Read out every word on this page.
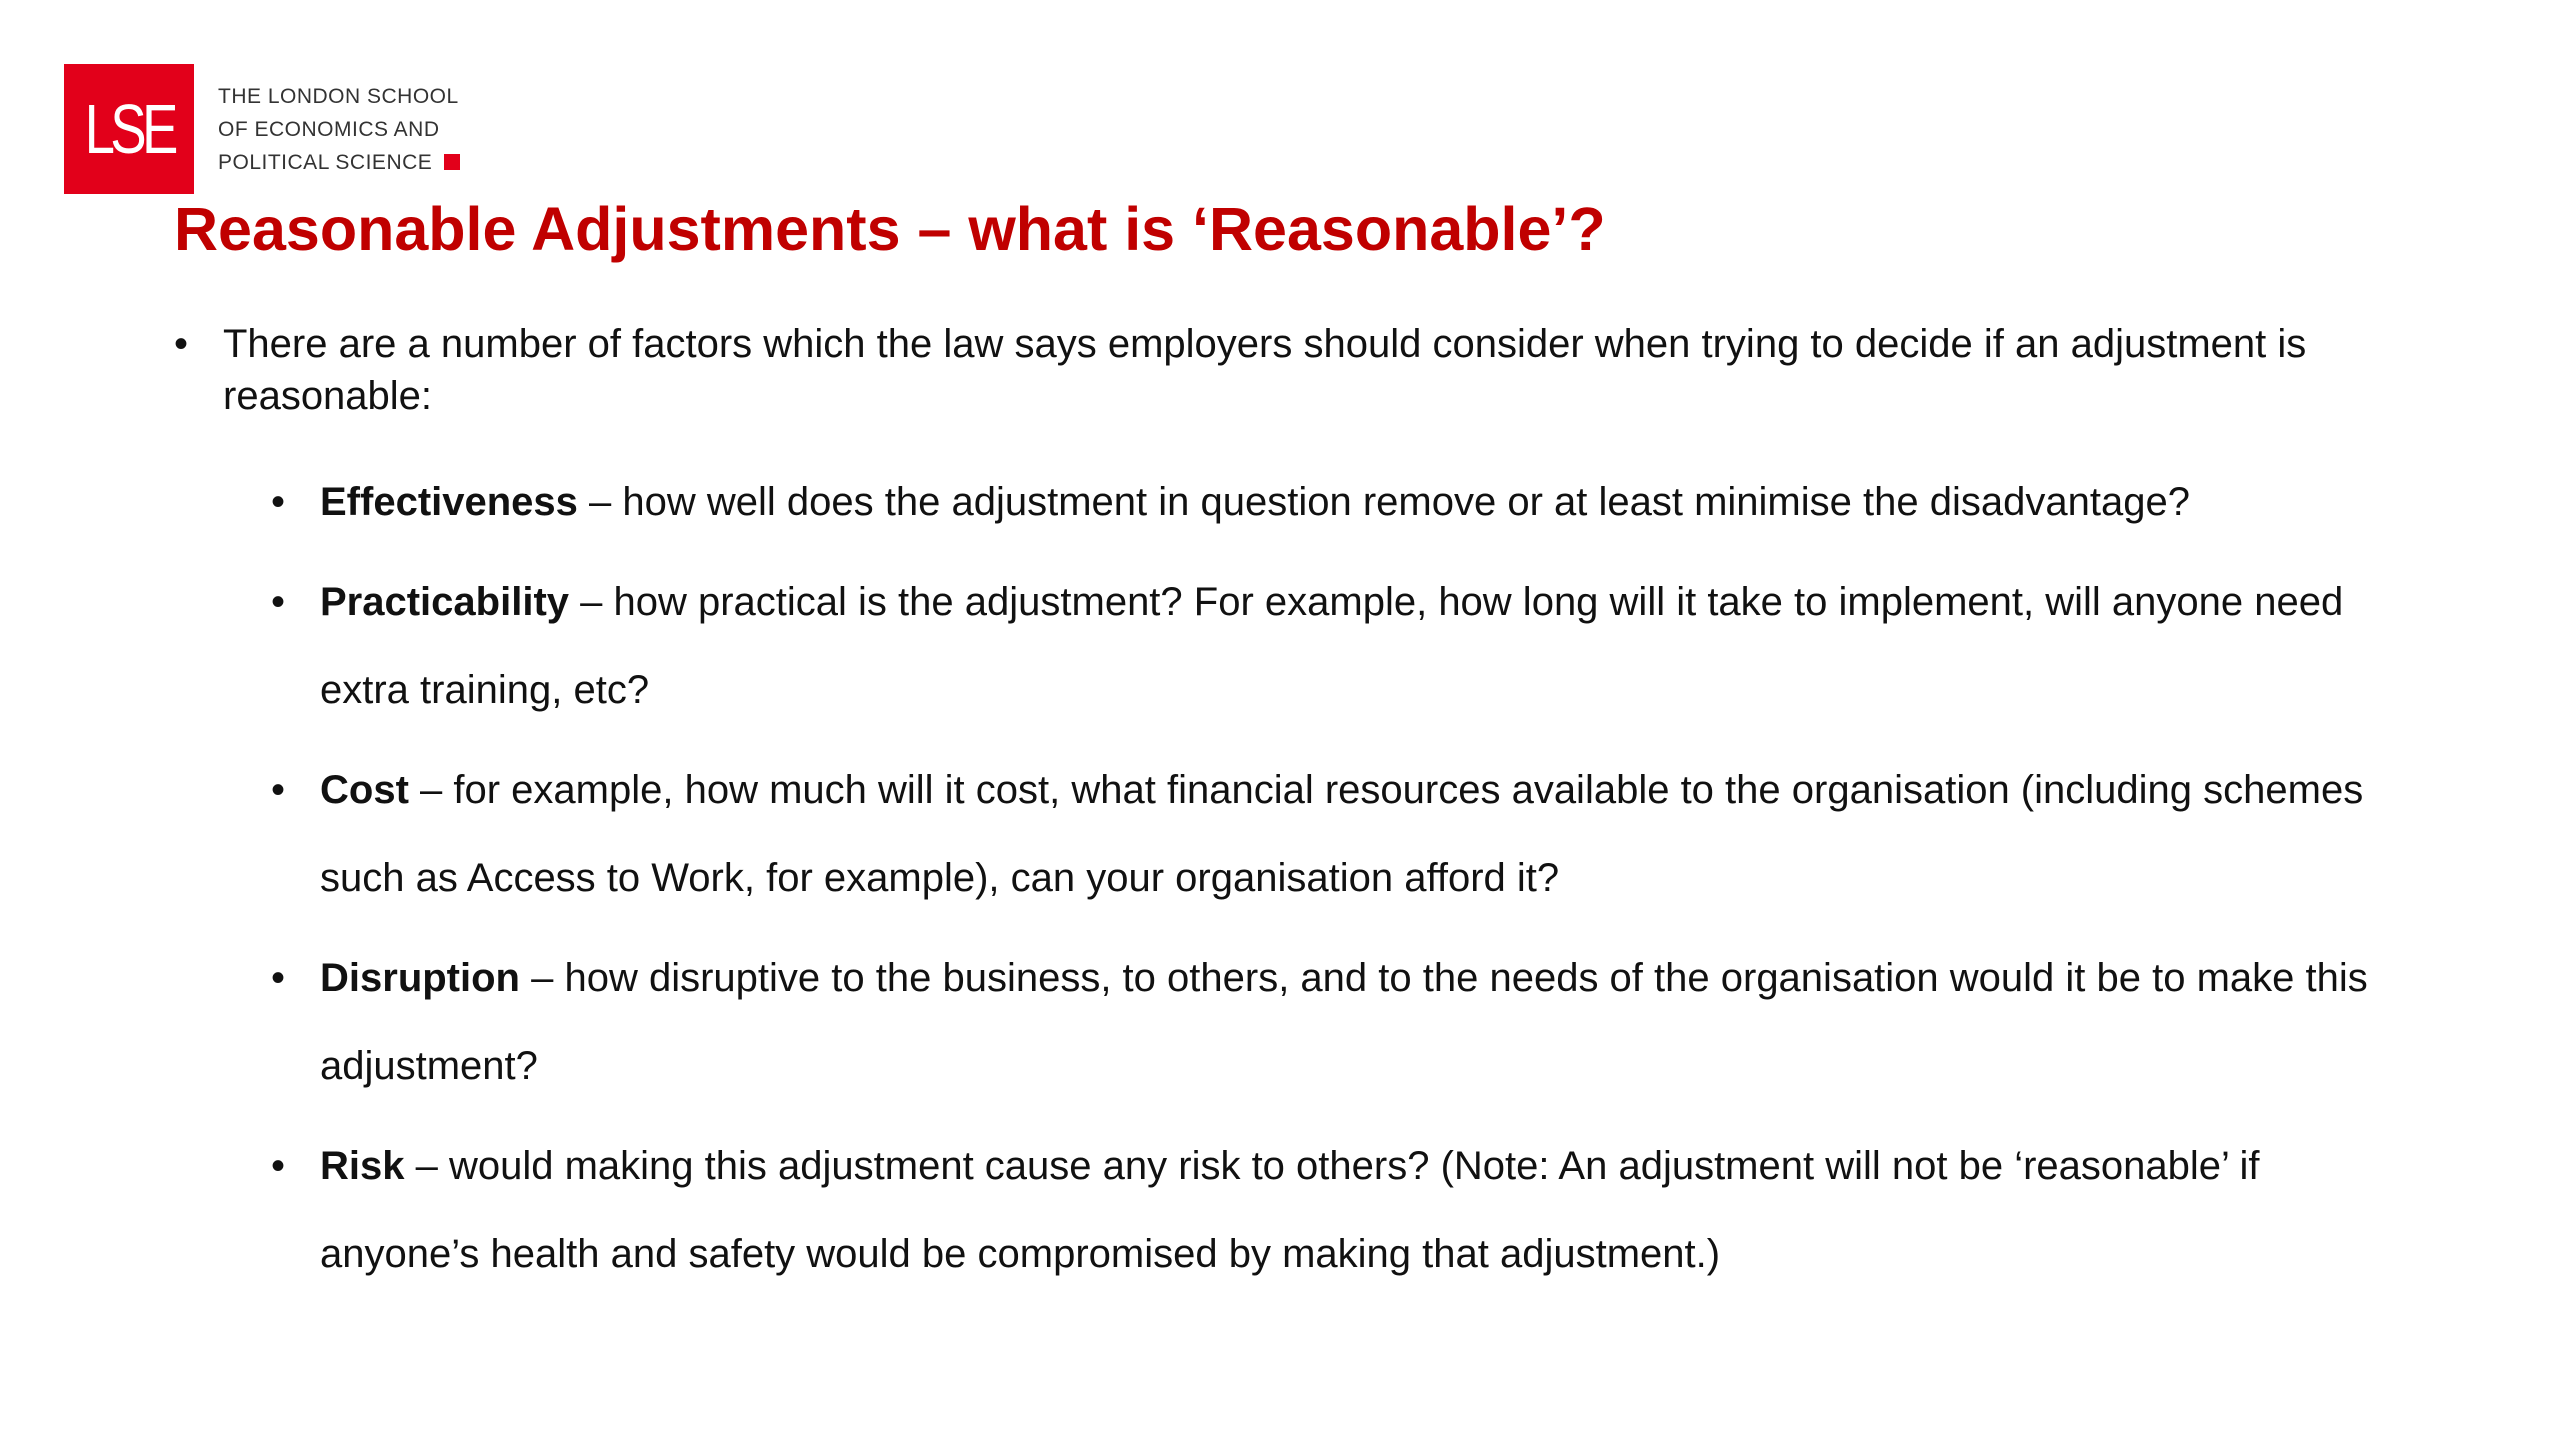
LSE THE LONDON SCHOOL
OF ECONOMICS AND
POLITICAL SCIENCE
Reasonable Adjustments – what is ‘Reasonable’?

• There are a number of factors which the law says employers should consider when trying to decide if an adjustment is reasonable:

• Effectiveness – how well does the adjustment in question remove or at least minimise the disadvantage?
• Practicability – how practical is the adjustment? For example, how long will it take to implement, will anyone need extra training, etc?
• Cost – for example, how much will it cost, what financial resources available to the organisation (including schemes such as Access to Work, for example), can your organisation afford it?
• Disruption – how disruptive to the business, to others, and to the needs of the organisation would it be to make this adjustment?
• Risk – would making this adjustment cause any risk to others? (Note: An adjustment will not be ‘reasonable’ if anyone’s health and safety would be compromised by making that adjustment.)
